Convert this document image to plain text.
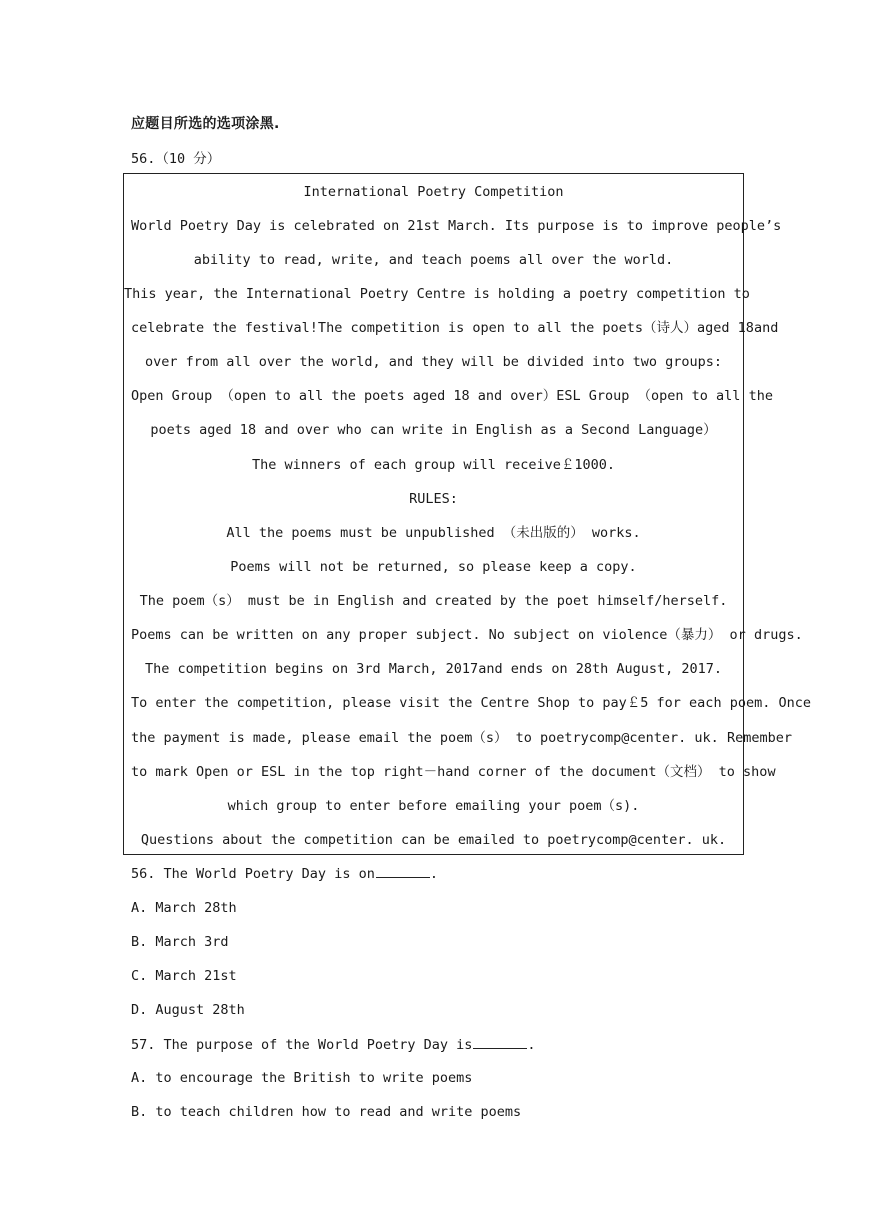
应题目所选的选项涂黑.
56.（10 分）
International Poetry Competition
World Poetry Day is celebrated on 21st March. Its purpose is to improve people’s
ability to read, write, and teach poems all over the world.
This year, the International Poetry Centre is holding a poetry competition to
celebrate the festival!The competition is open to all the poets（诗人）aged 18and
over from all over the world, and they will be divided into two groups:
Open Group （open to all the poets aged 18 and over）ESL Group （open to all the
poets aged 18 and over who can write in English as a Second Language）
The winners of each group will receive￡1000.
RULES:
All the poems must be unpublished （未出版的） works.
Poems will not be returned, so please keep a copy.
The poem（s） must be in English and created by the poet himself/herself.
Poems can be written on any proper subject. No subject on violence（暴力） or drugs.
The competition begins on 3rd March, 2017and ends on 28th August, 2017.
To enter the competition, please visit the Centre Shop to pay￡5 for each poem. Once
the payment is made, please email the poem（s） to poetrycomp@center. uk. Remember
to mark Open or ESL in the top right－hand corner of the document（文档） to show
which group to enter before emailing your poem（s).
Questions about the competition can be emailed to poetrycomp@center. uk.
56. The World Poetry Day is on	.
A. March 28th
B. March 3rd
C. March 21st
D. August 28th
57. The purpose of the World Poetry Day is	.
A. to encourage the British to write poems
B. to teach children how to read and write poems
